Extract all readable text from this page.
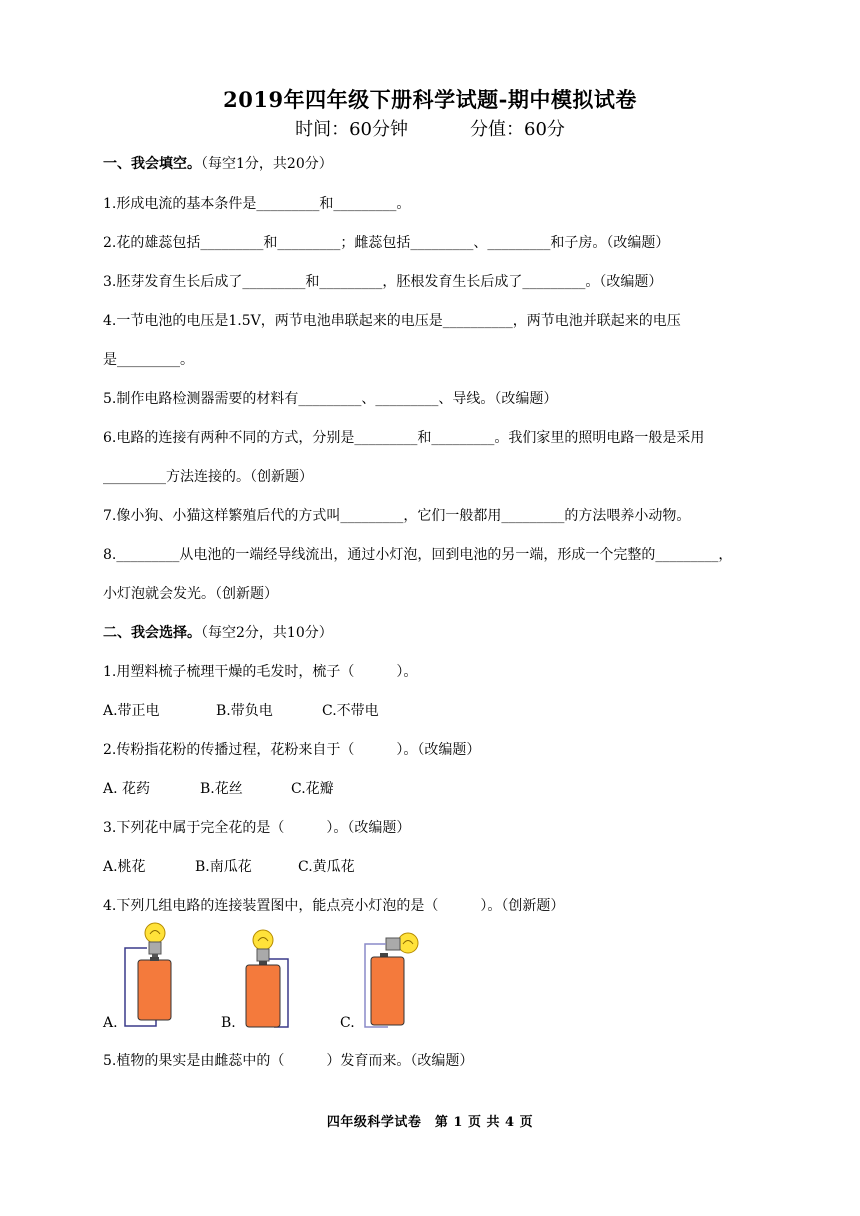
2019年四年级下册科学试题-期中模拟试卷
时间：60分钟	分值：60分
一、我会填空。（每空1分，共20分）
1.形成电流的基本条件是_________和_________。
2.花的雄蕊包括_________和_________；雌蕊包括_________、_________和子房。（改编题）
3.胚芽发育生长后成了_________和_________，胚根发育生长后成了_________。（改编题）
4.一节电池的电压是1.5V，两节电池串联起来的电压是__________，两节电池并联起来的电压
是_________。
5.制作电路检测器需要的材料有_________、_________、导线。（改编题）
6.电路的连接有两种不同的方式，分别是_________和_________。我们家里的照明电路一般是采用
_________方法连接的。（创新题）
7.像小狗、小猫这样繁殖后代的方式叫_________，它们一般都用_________的方法喂养小动物。
8._________从电池的一端经导线流出，通过小灯泡，回到电池的另一端，形成一个完整的_________，
小灯泡就会发光。（创新题）
二、我会选择。（每空2分，共10分）
1.用塑料梳子梳理干燥的毛发时，梳子（　　　）。
A.带正电	B.带负电	C.不带电
2.传粉指花粉的传播过程，花粉来自于（　　　）。（改编题）
A. 花药	B.花丝	C.花瓣
3.下列花中属于完全花的是（　　　）。（改编题）
A.桃花	B.南瓜花	C.黄瓜花
4.下列几组电路的连接装置图中，能点亮小灯泡的是（　　　）。（创新题）
A.	B.	C.
5.植物的果实是由雌蕊中的（　　　）发育而来。（改编题）
四年级科学试卷　第 1 页 共 4 页
